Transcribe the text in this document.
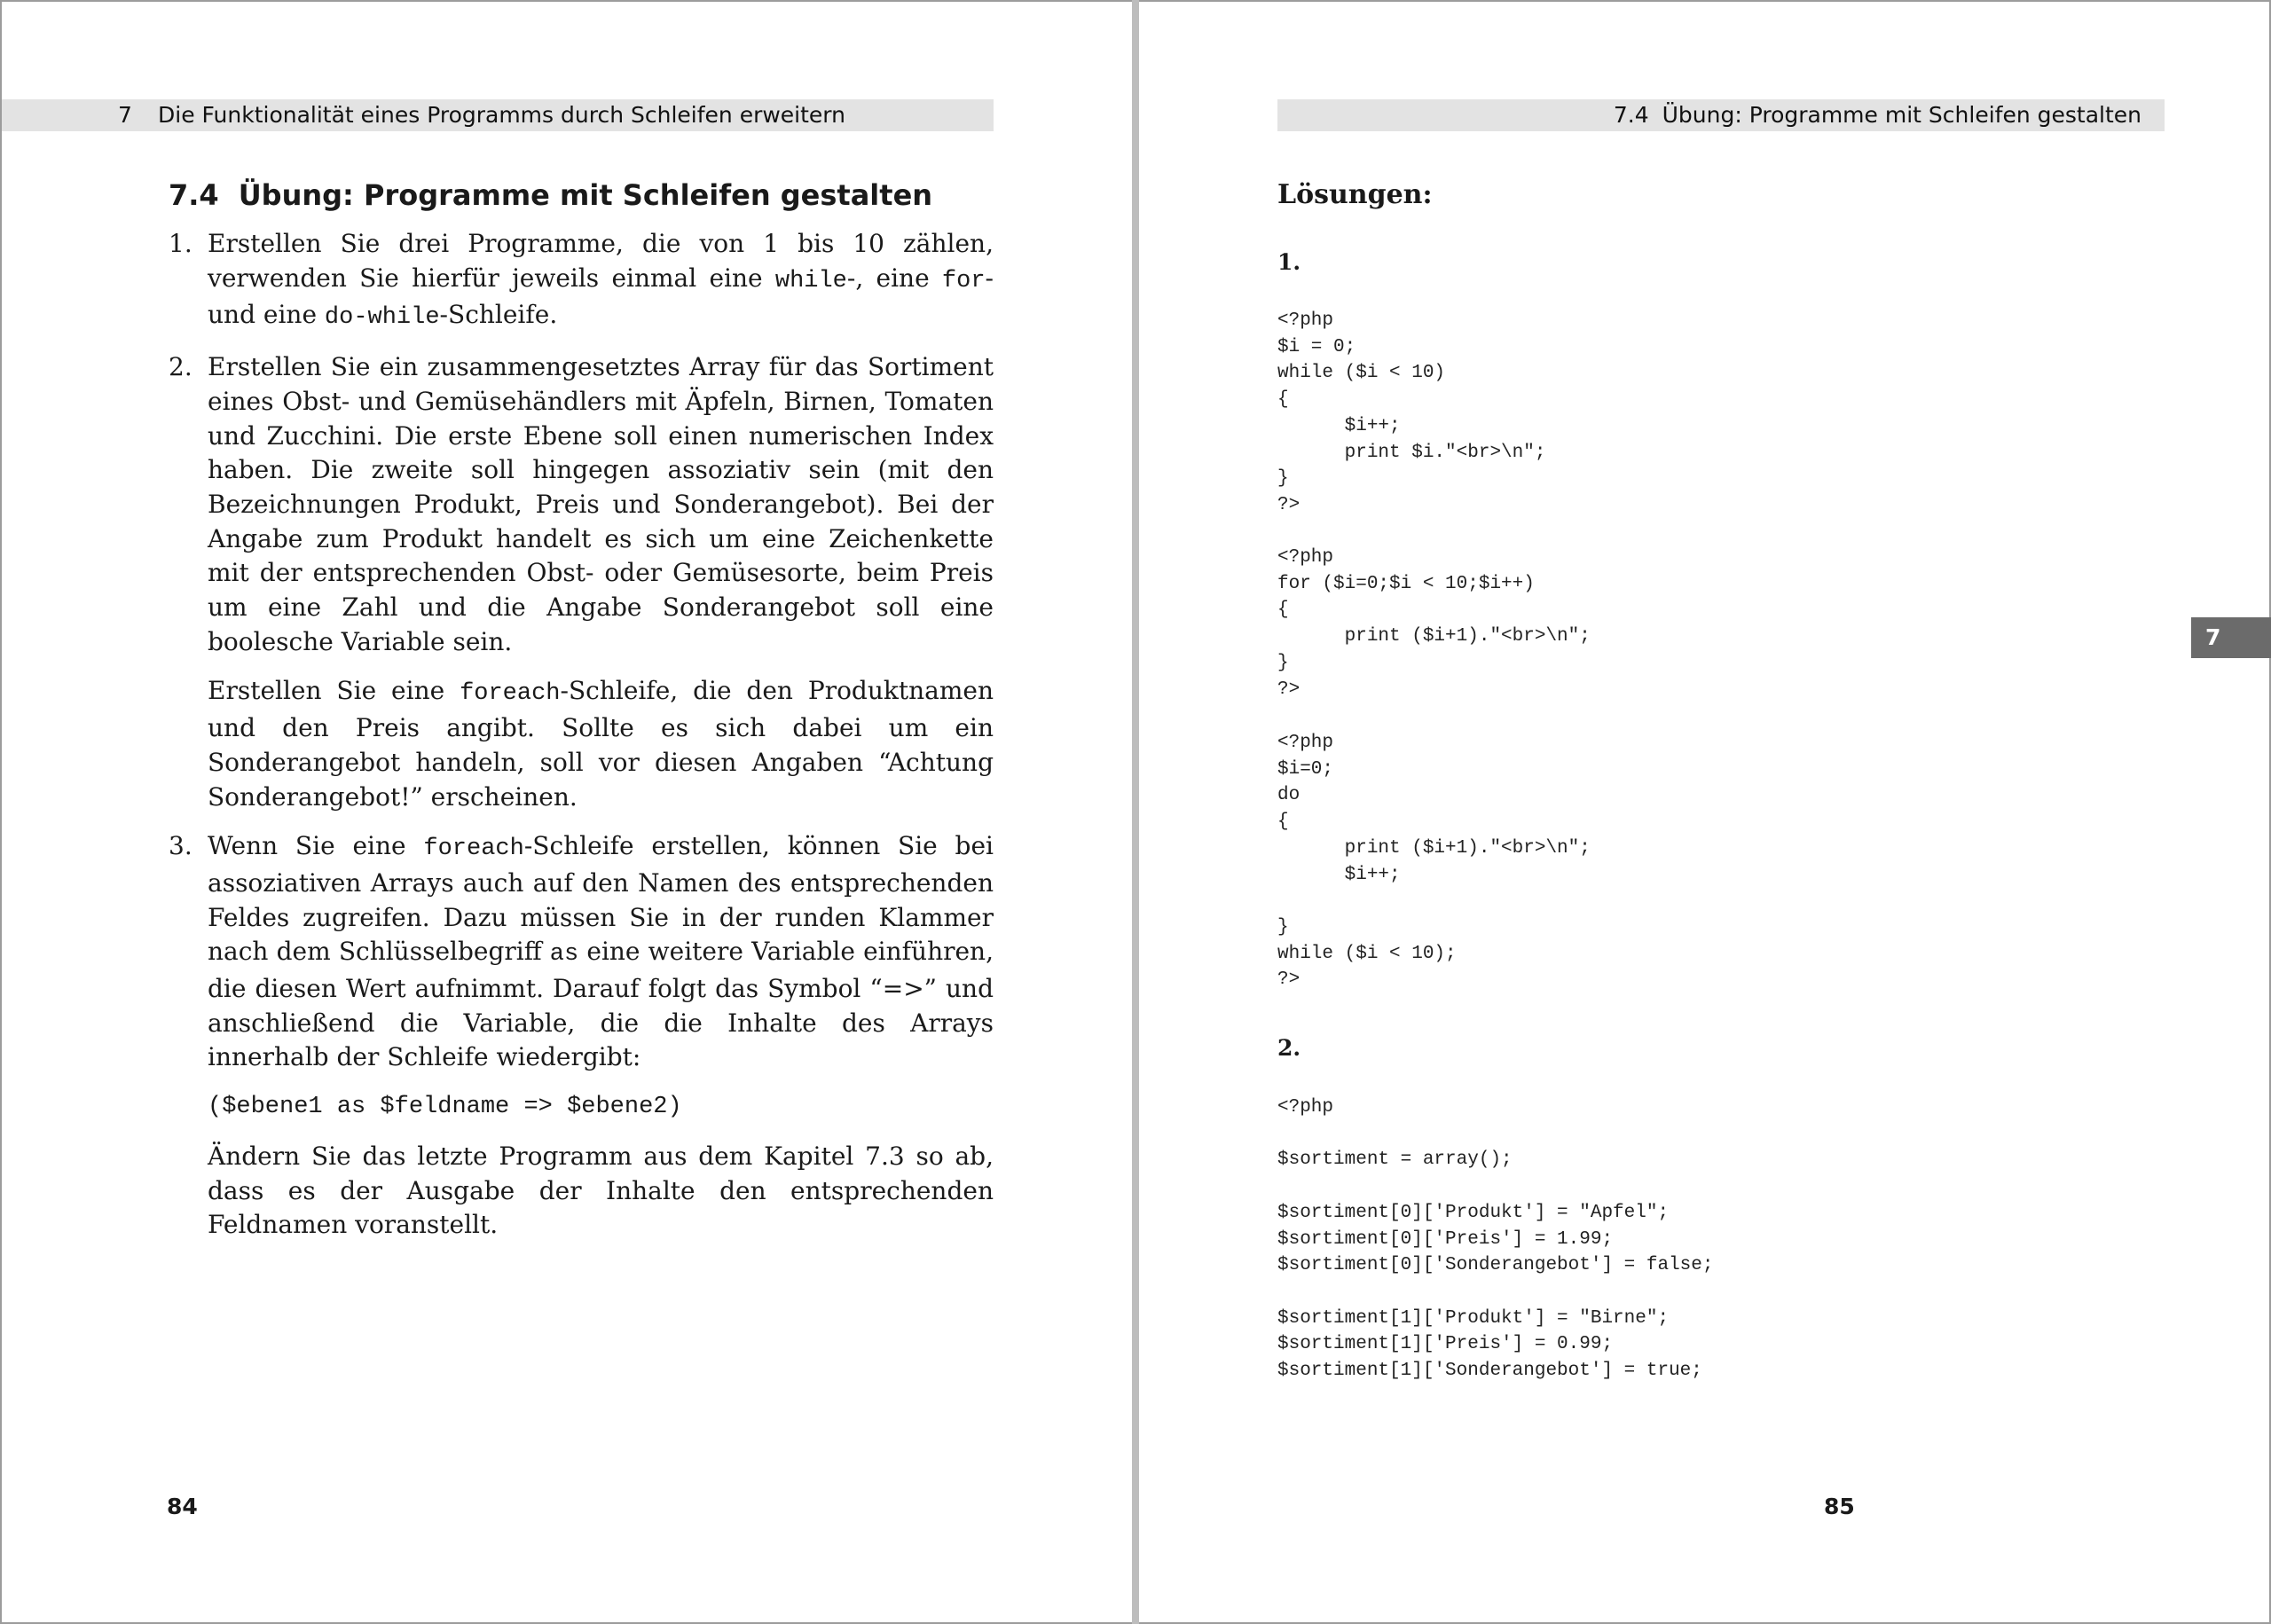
7 Die Funktionalität eines Programms durch Schleifen erweitern
7.4 Übung: Programme mit Schleifen gestalten
1. Erstellen Sie drei Programme, die von 1 bis 10 zählen, verwenden Sie hierfür jeweils einmal eine while-, eine for- und eine do-while-Schleife.

2. Erstellen Sie ein zusammengesetztes Array für das Sortiment eines Obst- und Gemüsehändlers mit Äpfeln, Birnen, Tomaten und Zucchini. Die erste Ebene soll einen numerischen Index haben. Die zweite soll hingegen assoziativ sein (mit den Bezeichnungen Produkt, Preis und Sonderangebot). Bei der Angabe zum Produkt handelt es sich um eine Zeichenkette mit der entsprechenden Obst- oder Gemüsesorte, beim Preis um eine Zahl und die Angabe Sonderangebot soll eine boolesche Variable sein.

Erstellen Sie eine foreach-Schleife, die den Produktnamen und den Preis angibt. Sollte es sich dabei um ein Sonderangebot handeln, soll vor diesen Angaben “Achtung Sonderangebot!” erscheinen.

3. Wenn Sie eine foreach-Schleife erstellen, können Sie bei assoziativen Arrays auch auf den Namen des entsprechenden Feldes zugreifen. Dazu müssen Sie in der runden Klammer nach dem Schlüsselbegriff as eine weitere Variable einführen, die diesen Wert aufnimmt. Darauf folgt das Symbol “=>” und anschließend die Variable, die die Inhalte des Arrays innerhalb der Schleife wiedergibt:

($ebene1 as $feldname => $ebene2)

Ändern Sie das letzte Programm aus dem Kapitel 7.3 so ab, dass es der Ausgabe der Inhalte den entsprechenden Feldnamen voranstellt.

84
7.4 Übung: Programme mit Schleifen gestalten
Lösungen:
1.
<?php
$i = 0;
while ($i < 10)
{
$i++;
print $i."<br>\n";
}
?>
<?php
for ($i=0;$i < 10;$i++)
{
print ($i+1)."<br>\n";
}
?>
<?php
$i=0;
do
{
print ($i+1)."<br>\n";
$i++;

}
while ($i < 10);
?>
2.
<?php

$sortiment = array();

$sortiment[0]['Produkt'] = "Apfel";
$sortiment[0]['Preis'] = 1.99;
$sortiment[0]['Sonderangebot'] = false;

$sortiment[1]['Produkt'] = "Birne";
$sortiment[1]['Preis'] = 0.99;
$sortiment[1]['Sonderangebot'] = true;
7
85
